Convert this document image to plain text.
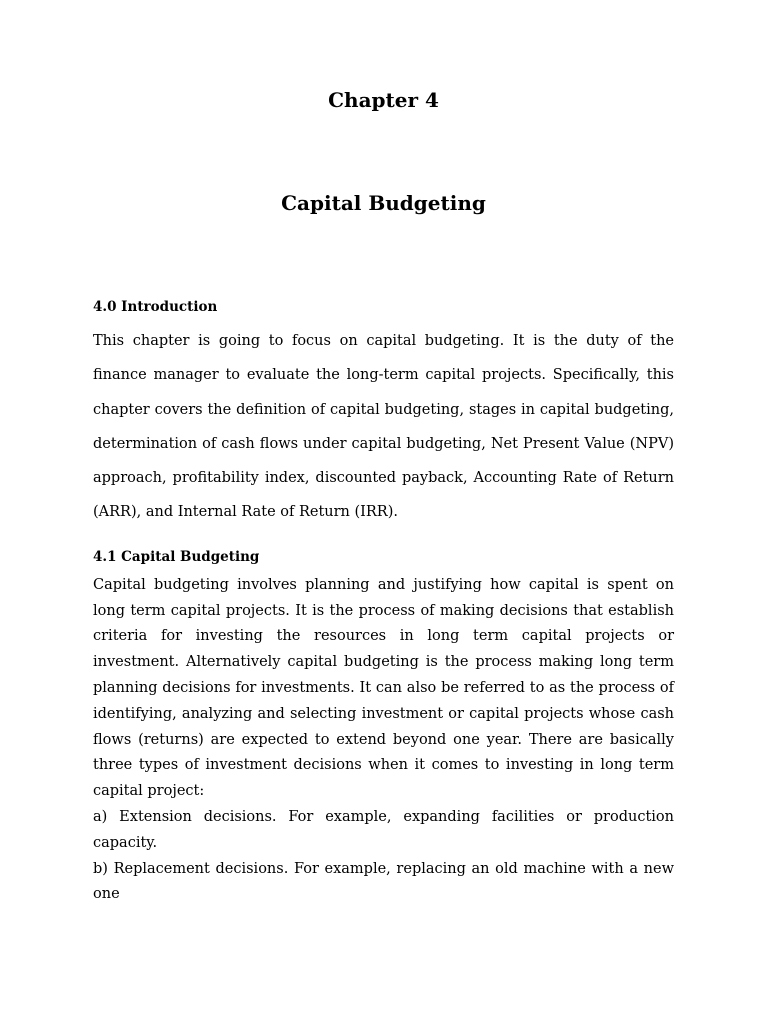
Chapter 4
Capital Budgeting
4.0 Introduction

This chapter is going to focus on capital budgeting. It is the duty of the finance manager to evaluate the long-term capital projects. Specifically, this chapter covers the definition of capital budgeting, stages in capital budgeting, determination of cash flows under capital budgeting, Net Present Value (NPV) approach, profitability index, discounted payback, Accounting Rate of Return (ARR), and Internal Rate of Return (IRR).

4.1 Capital Budgeting

Capital budgeting involves planning and justifying how capital is spent on long term capital projects. It is the process of making decisions that establish criteria for investing the resources in long term capital projects or investment. Alternatively capital budgeting is the process making long term planning decisions for investments. It can also be referred to as the process of identifying, analyzing and selecting investment or capital projects whose cash flows (returns) are expected to extend beyond one year. There are basically three types of investment decisions when it comes to investing in long term capital project:

a) Extension decisions. For example, expanding facilities or production capacity.

b) Replacement decisions. For example, replacing an old machine with a new one
